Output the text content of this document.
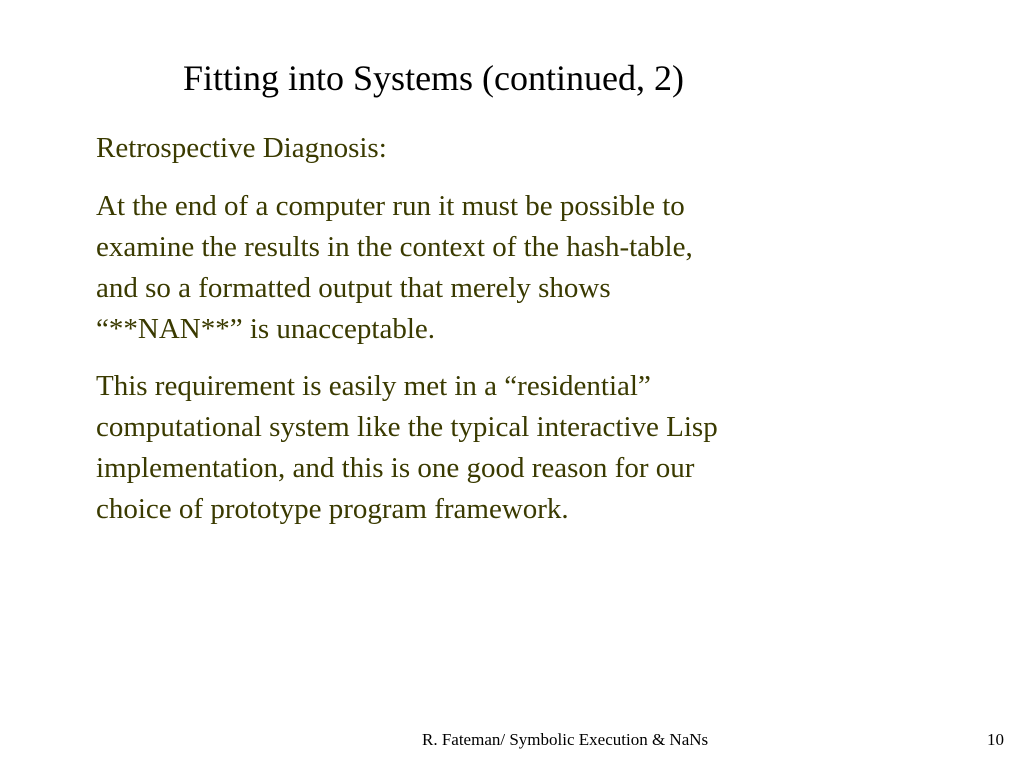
Fitting into Systems (continued, 2)
Retrospective Diagnosis:
At the end of a computer run it must be possible to
examine the results in the context of the hash-table,
and so a formatted output that merely shows
“**NAN**” is unacceptable.
This requirement is easily met in a “residential”
computational system like the typical interactive Lisp
implementation, and this is one good reason for our
choice of prototype program framework.
R. Fateman/ Symbolic Execution & NaNs	10
